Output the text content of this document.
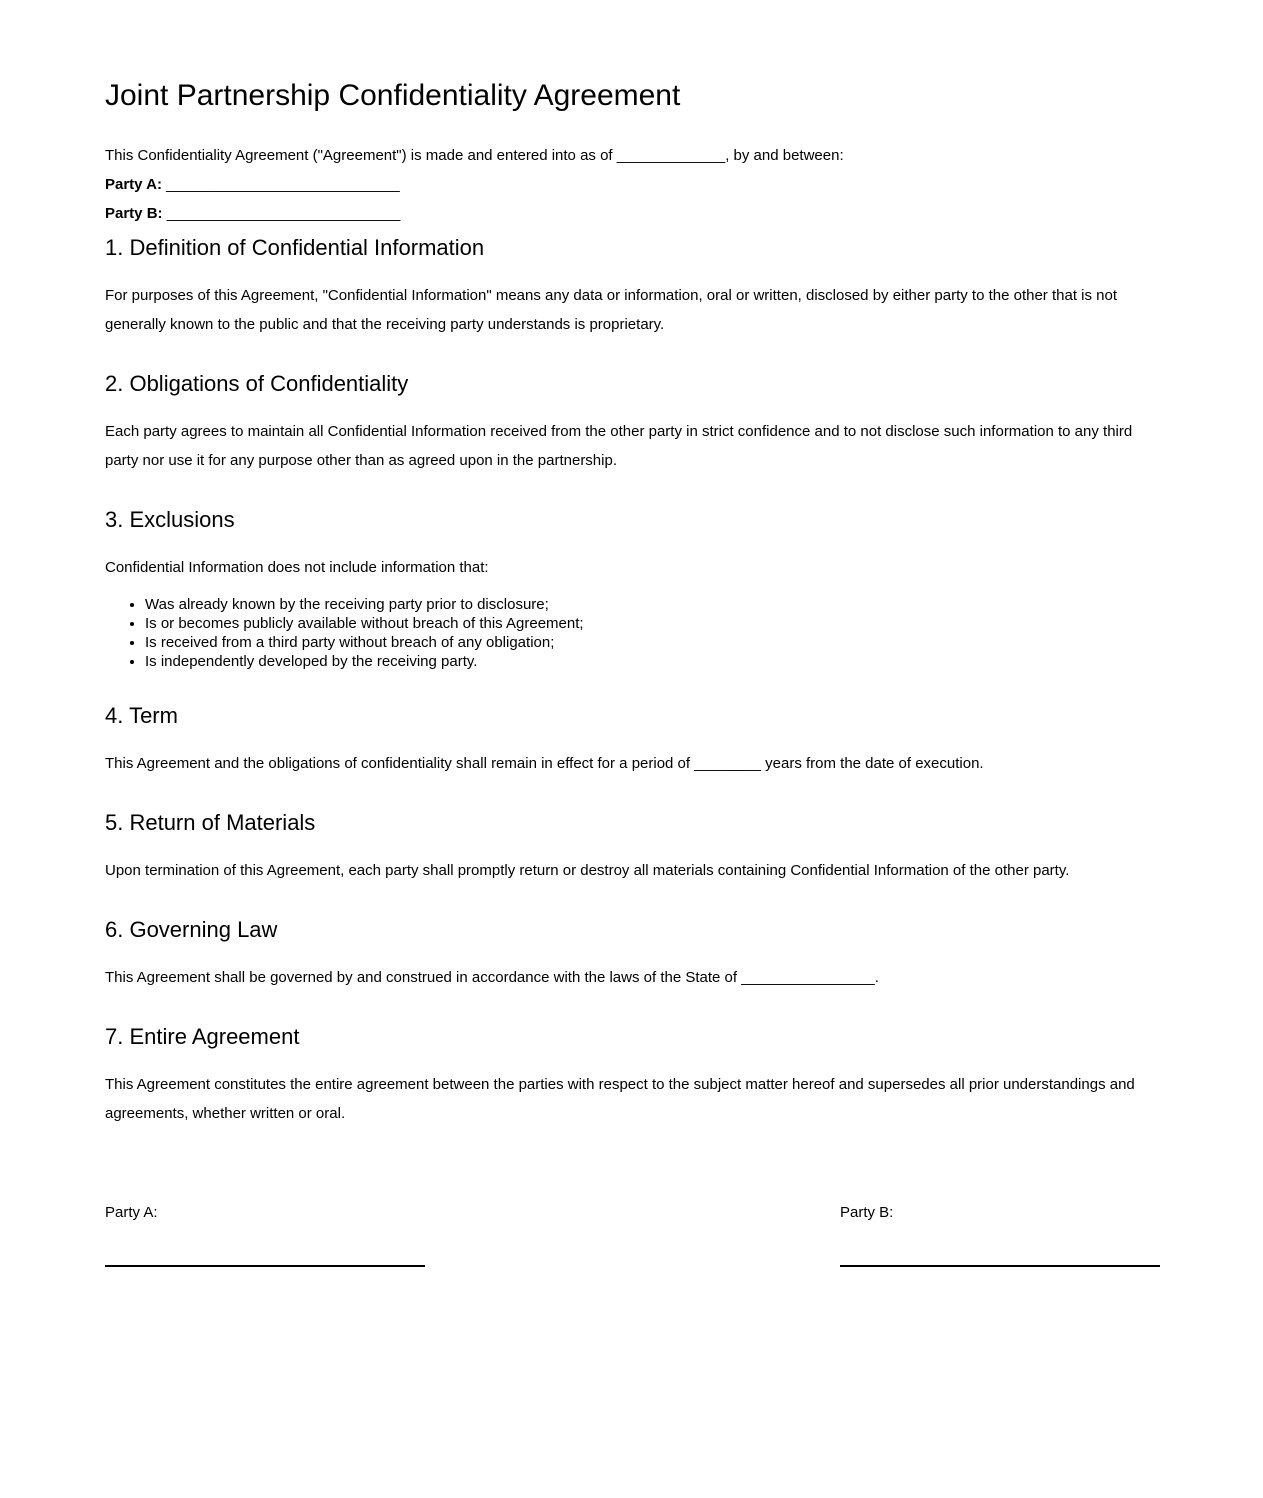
Joint Partnership Confidentiality Agreement
This Confidentiality Agreement ("Agreement") is made and entered into as of _____________, by and between:
Party A: ____________________________
Party B: ____________________________
1. Definition of Confidential Information

For purposes of this Agreement, "Confidential Information" means any data or information, oral or written, disclosed by either party to the other that is not generally known to the public and that the receiving party understands is proprietary.

2. Obligations of Confidentiality

Each party agrees to maintain all Confidential Information received from the other party in strict confidence and to not disclose such information to any third party nor use it for any purpose other than as agreed upon in the partnership.

3. Exclusions

Confidential Information does not include information that:

• Was already known by the receiving party prior to disclosure;
• Is or becomes publicly available without breach of this Agreement;
• Is received from a third party without breach of any obligation;
• Is independently developed by the receiving party.
4. Term

This Agreement and the obligations of confidentiality shall remain in effect for a period of ________ years from the date of execution.

5. Return of Materials

Upon termination of this Agreement, each party shall promptly return or destroy all materials containing Confidential Information of the other party.

6. Governing Law

This Agreement shall be governed by and construed in accordance with the laws of the State of ________________.

7. Entire Agreement

This Agreement constitutes the entire agreement between the parties with respect to the subject matter hereof and supersedes all prior understandings and agreements, whether written or oral.

Party A:	Party B:
